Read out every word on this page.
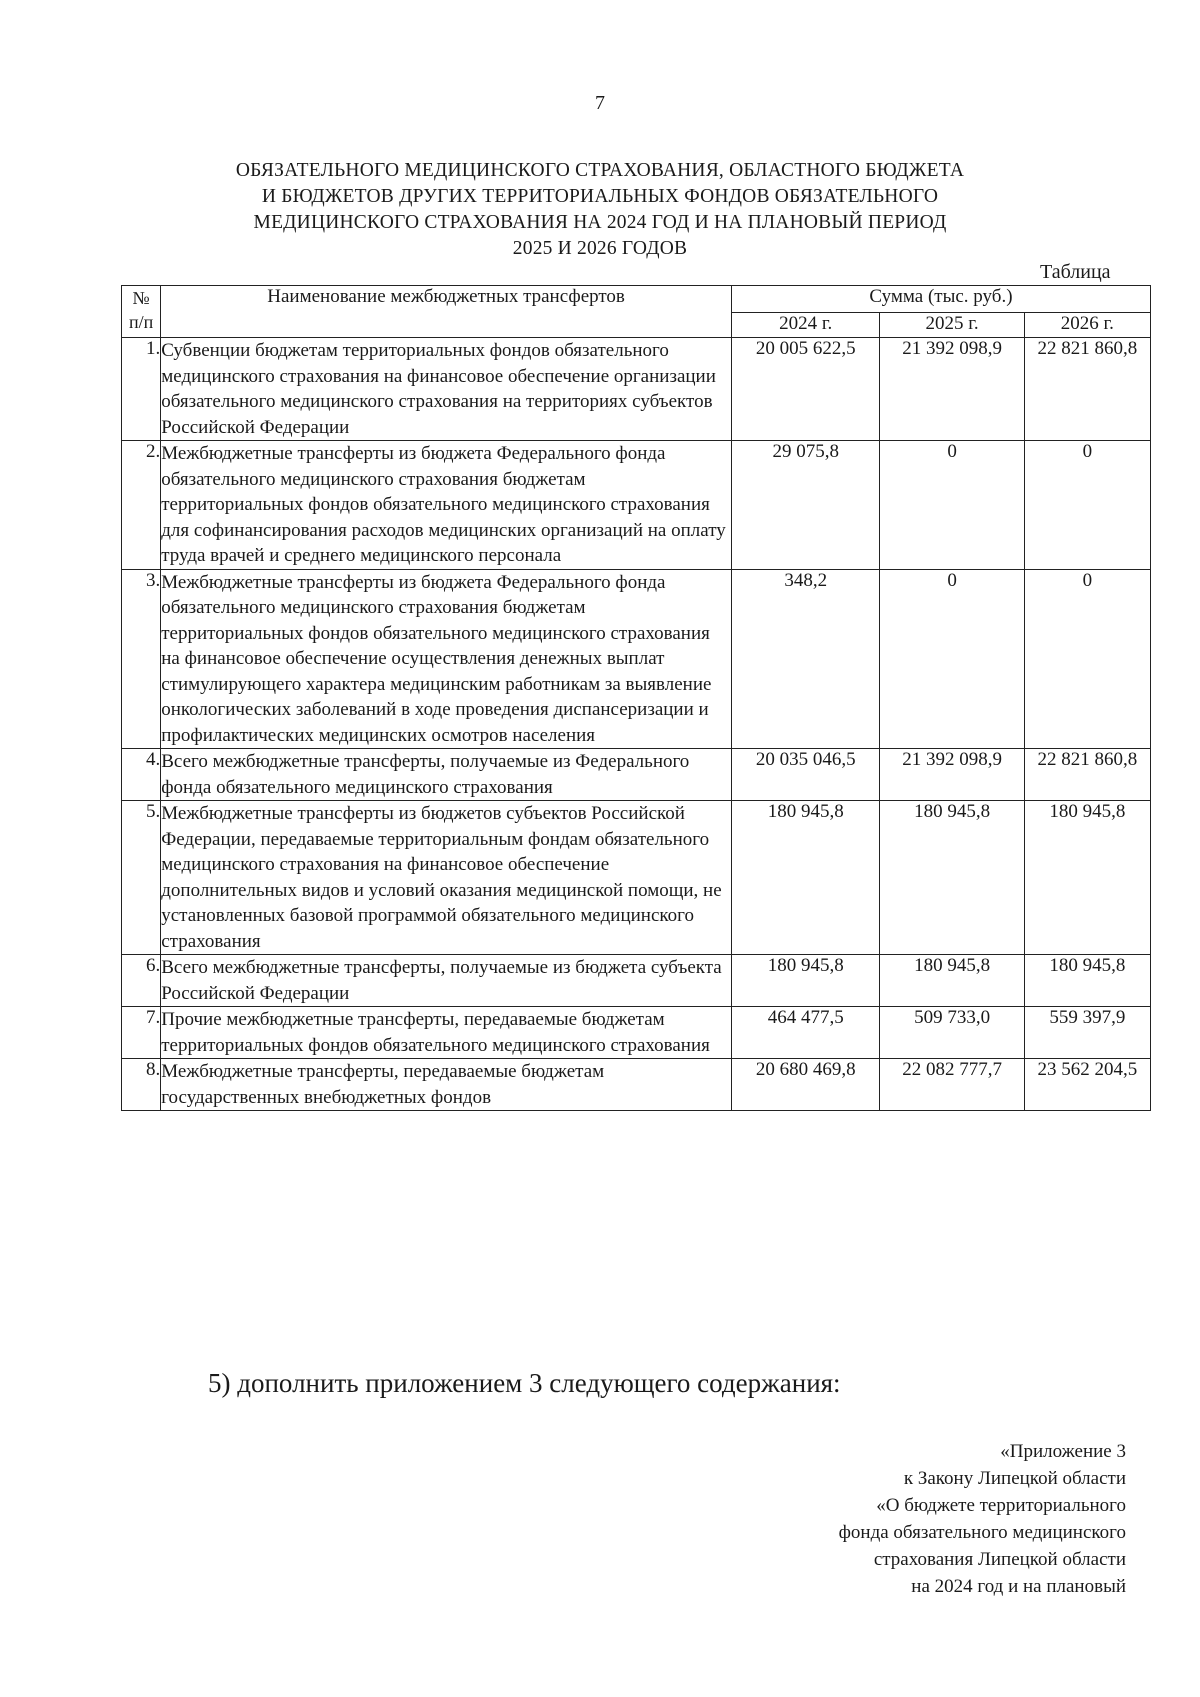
7
ОБЯЗАТЕЛЬНОГО МЕДИЦИНСКОГО СТРАХОВАНИЯ, ОБЛАСТНОГО БЮДЖЕТА
И БЮДЖЕТОВ ДРУГИХ ТЕРРИТОРИАЛЬНЫХ ФОНДОВ ОБЯЗАТЕЛЬНОГО
МЕДИЦИНСКОГО СТРАХОВАНИЯ НА 2024 ГОД И НА ПЛАНОВЫЙ ПЕРИОД
2025 И 2026 ГОДОВ
Таблица
№
п/п	Наименование межбюджетных трансфертов	Сумма (тыс. руб.)		
		2024 г.	2025 г.	2026 г.
1.	Субвенции бюджетам территориальных фондов обязательного медицинского страхования на финансовое обеспечение организации обязательного медицинского страхования на территориях субъектов Российской Федерации	20 005 622,5	21 392 098,9	22 821 860,8
2.	Межбюджетные трансферты из бюджета Федерального фонда обязательного медицинского страхования бюджетам территориальных фондов обязательного медицинского страхования для софинансирования расходов медицинских организаций на оплату труда врачей и среднего медицинского персонала	29 075,8	0	0
3.	Межбюджетные трансферты из бюджета Федерального фонда обязательного медицинского страхования бюджетам территориальных фондов обязательного медицинского страхования на финансовое обеспечение осуществления денежных выплат стимулирующего характера медицинским работникам за выявление онкологических заболеваний в ходе проведения диспансеризации и профилактических медицинских осмотров населения	348,2	0	0
4.	Всего межбюджетные трансферты, получаемые из Федерального фонда обязательного медицинского страхования	20 035 046,5	21 392 098,9	22 821 860,8
5.	Межбюджетные трансферты из бюджетов субъектов Российской Федерации, передаваемые территориальным фондам обязательного медицинского страхования на финансовое обеспечение дополнительных видов и условий оказания медицинской помощи, не установленных базовой программой обязательного медицинского страхования	180 945,8	180 945,8	180 945,8
6.	Всего межбюджетные трансферты, получаемые из бюджета субъекта Российской Федерации	180 945,8	180 945,8	180 945,8
7.	Прочие межбюджетные трансферты, передаваемые бюджетам территориальных фондов обязательного медицинского страхования	464 477,5	509 733,0	559 397,9
8.	Межбюджетные трансферты, передаваемые бюджетам государственных внебюджетных фондов	20 680 469,8	22 082 777,7	23 562 204,5
5) дополнить приложением 3 следующего содержания:
«Приложение 3
к Закону Липецкой области
«О бюджете территориального
фонда обязательного медицинского
страхования Липецкой области
на 2024 год и на плановый
